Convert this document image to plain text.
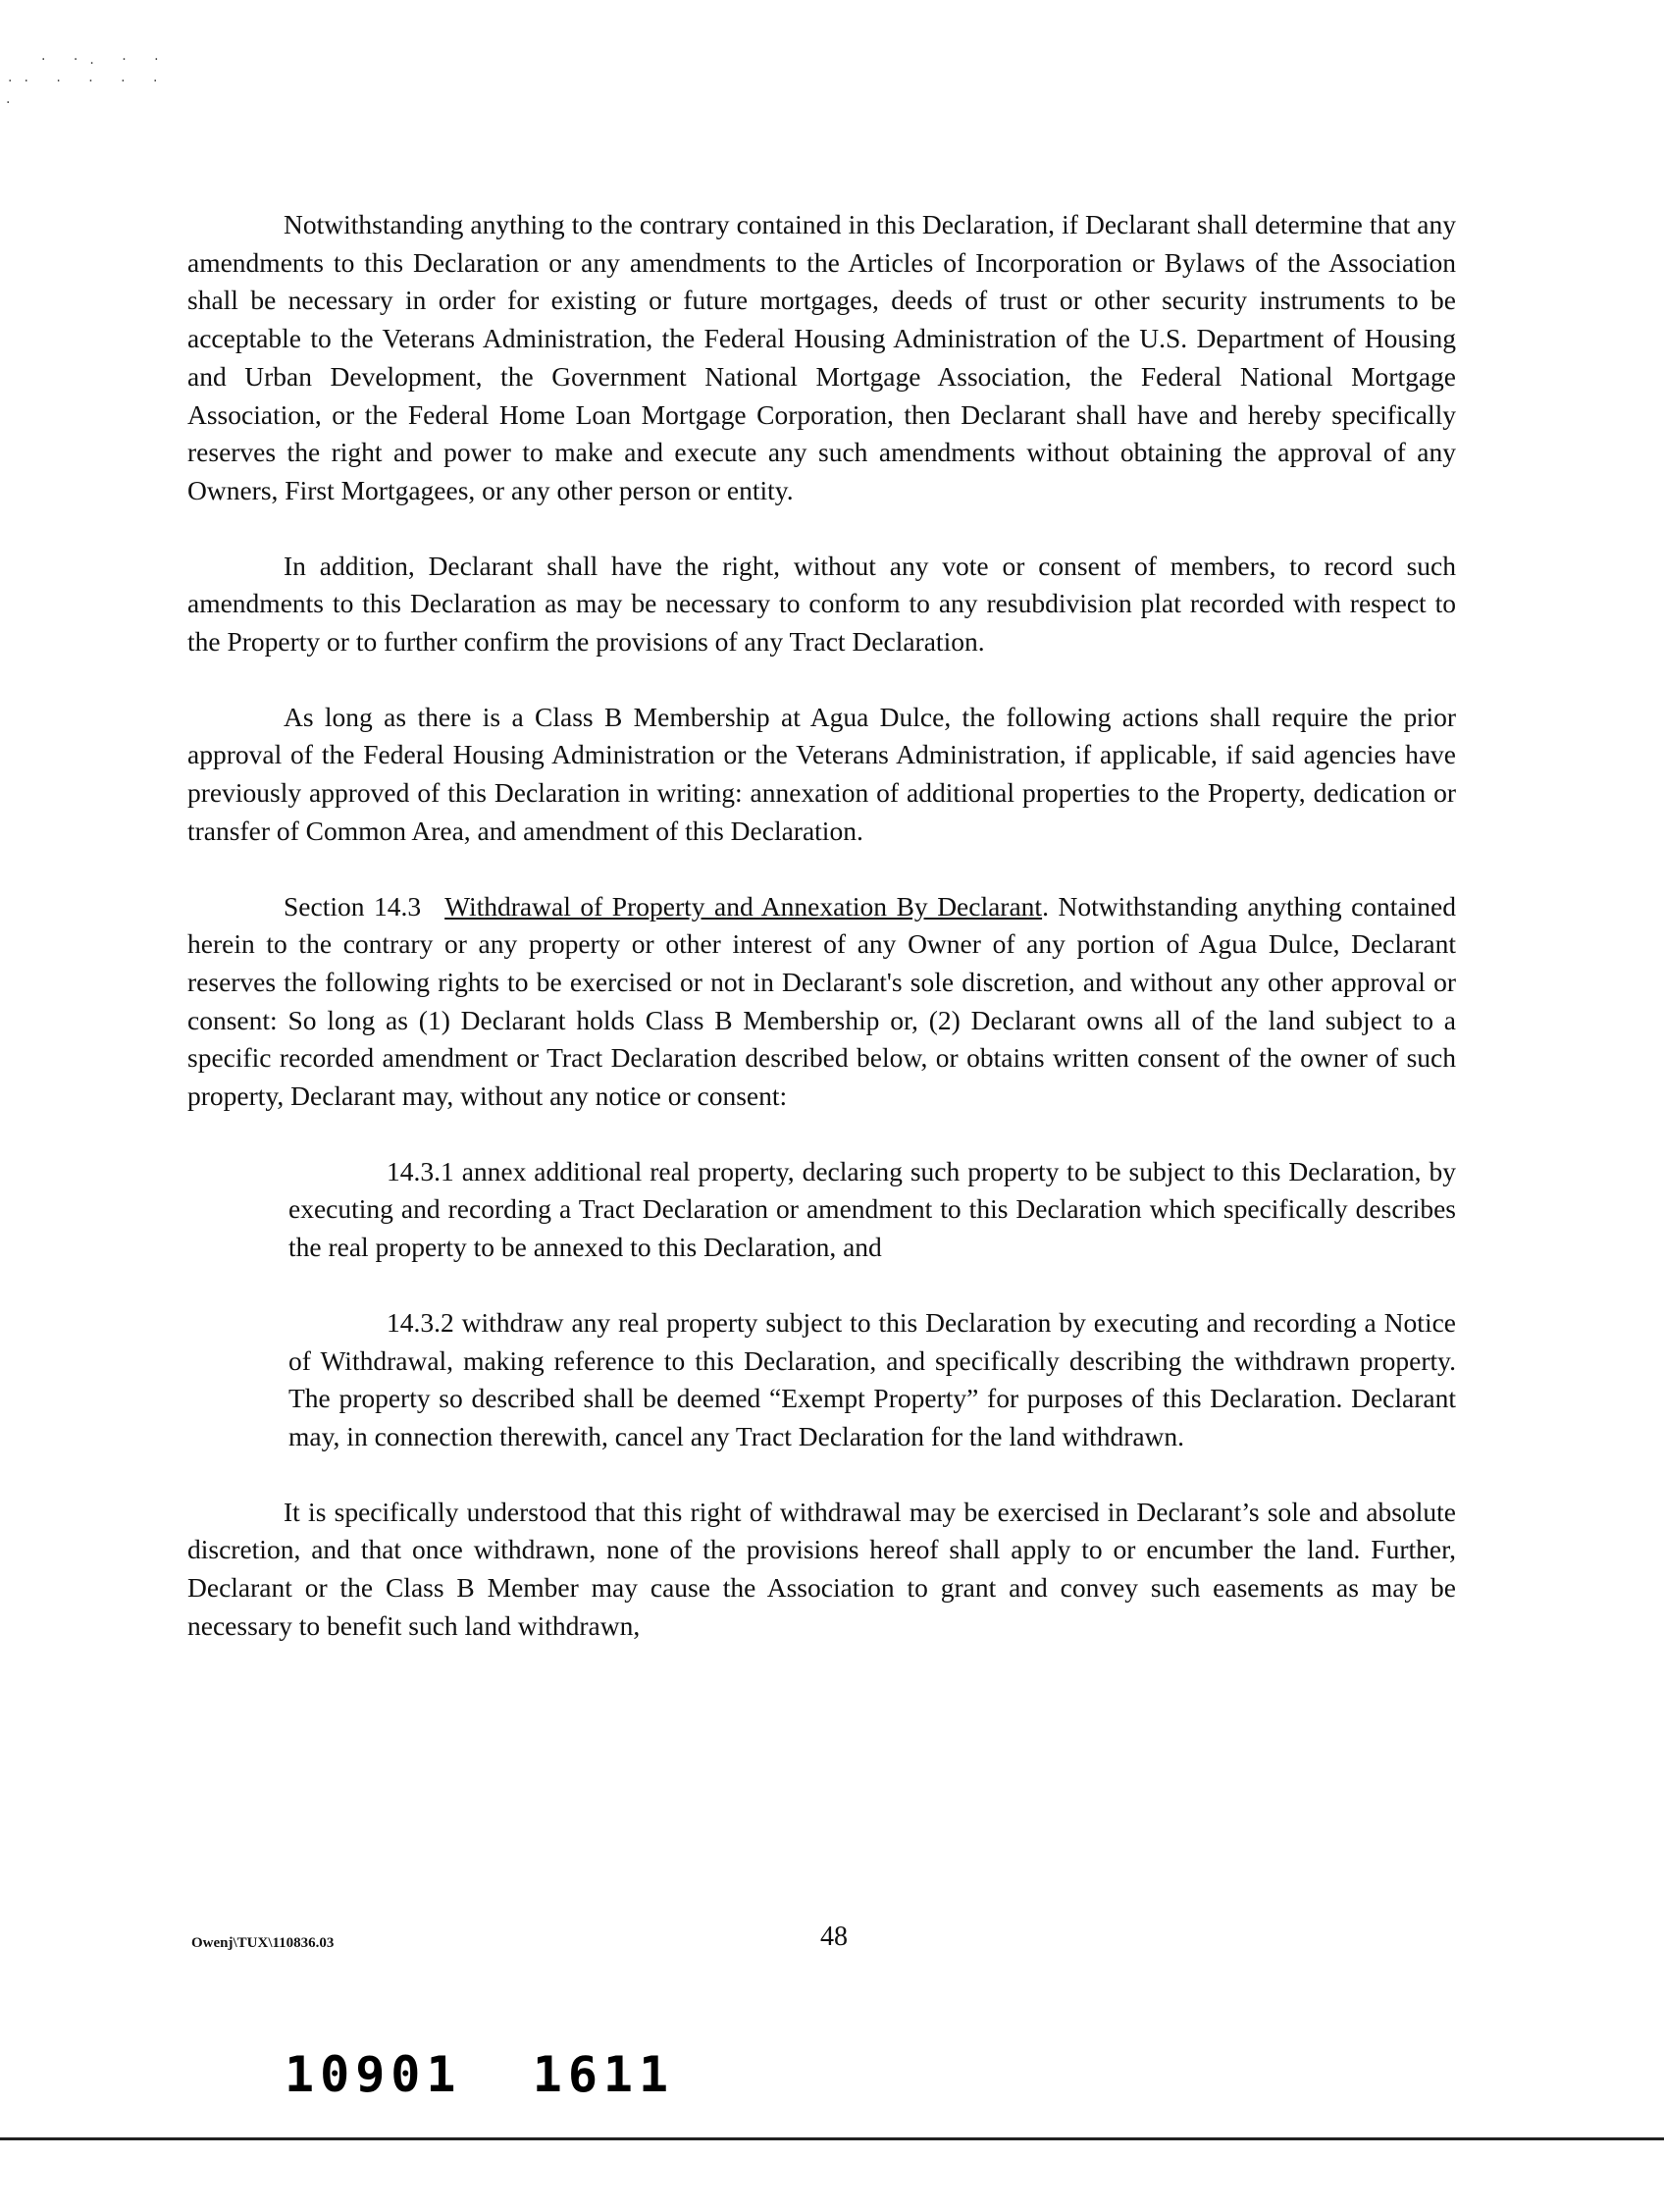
· ·. · ·
·· · · · ·
·

Notwithstanding anything to the contrary contained in this Declaration, if Declarant shall determine that any amendments to this Declaration or any amendments to the Articles of Incorporation or Bylaws of the Association shall be necessary in order for existing or future mortgages, deeds of trust or other security instruments to be acceptable to the Veterans Administration, the Federal Housing Administration of the U.S. Department of Housing and Urban Development, the Government National Mortgage Association, the Federal National Mortgage Association, or the Federal Home Loan Mortgage Corporation, then Declarant shall have and hereby specifically reserves the right and power to make and execute any such amendments without obtaining the approval of any Owners, First Mortgagees, or any other person or entity.

In addition, Declarant shall have the right, without any vote or consent of members, to record such amendments to this Declaration as may be necessary to conform to any resubdivision plat recorded with respect to the Property or to further confirm the provisions of any Tract Declaration.

As long as there is a Class B Membership at Agua Dulce, the following actions shall require the prior approval of the Federal Housing Administration or the Veterans Administration, if applicable, if said agencies have previously approved of this Declaration in writing: annexation of additional properties to the Property, dedication or transfer of Common Area, and amendment of this Declaration.

Section 14.3 Withdrawal of Property and Annexation By Declarant. Notwithstanding anything contained herein to the contrary or any property or other interest of any Owner of any portion of Agua Dulce, Declarant reserves the following rights to be exercised or not in Declarant's sole discretion, and without any other approval or consent: So long as (1) Declarant holds Class B Membership or, (2) Declarant owns all of the land subject to a specific recorded amendment or Tract Declaration described below, or obtains written consent of the owner of such property, Declarant may, without any notice or consent:

14.3.1 annex additional real property, declaring such property to be subject to this Declaration, by executing and recording a Tract Declaration or amendment to this Declaration which specifically describes the real property to be annexed to this Declaration, and

14.3.2 withdraw any real property subject to this Declaration by executing and recording a Notice of Withdrawal, making reference to this Declaration, and specifically describing the withdrawn property. The property so described shall be deemed “Exempt Property” for purposes of this Declaration. Declarant may, in connection therewith, cancel any Tract Declaration for the land withdrawn.

It is specifically understood that this right of withdrawal may be exercised in Declarant’s sole and absolute discretion, and that once withdrawn, none of the provisions hereof shall apply to or encumber the land. Further, Declarant or the Class B Member may cause the Association to grant and convey such easements as may be necessary to benefit such land withdrawn,

Owenj\TUX\110836.03	48
10901  1611
